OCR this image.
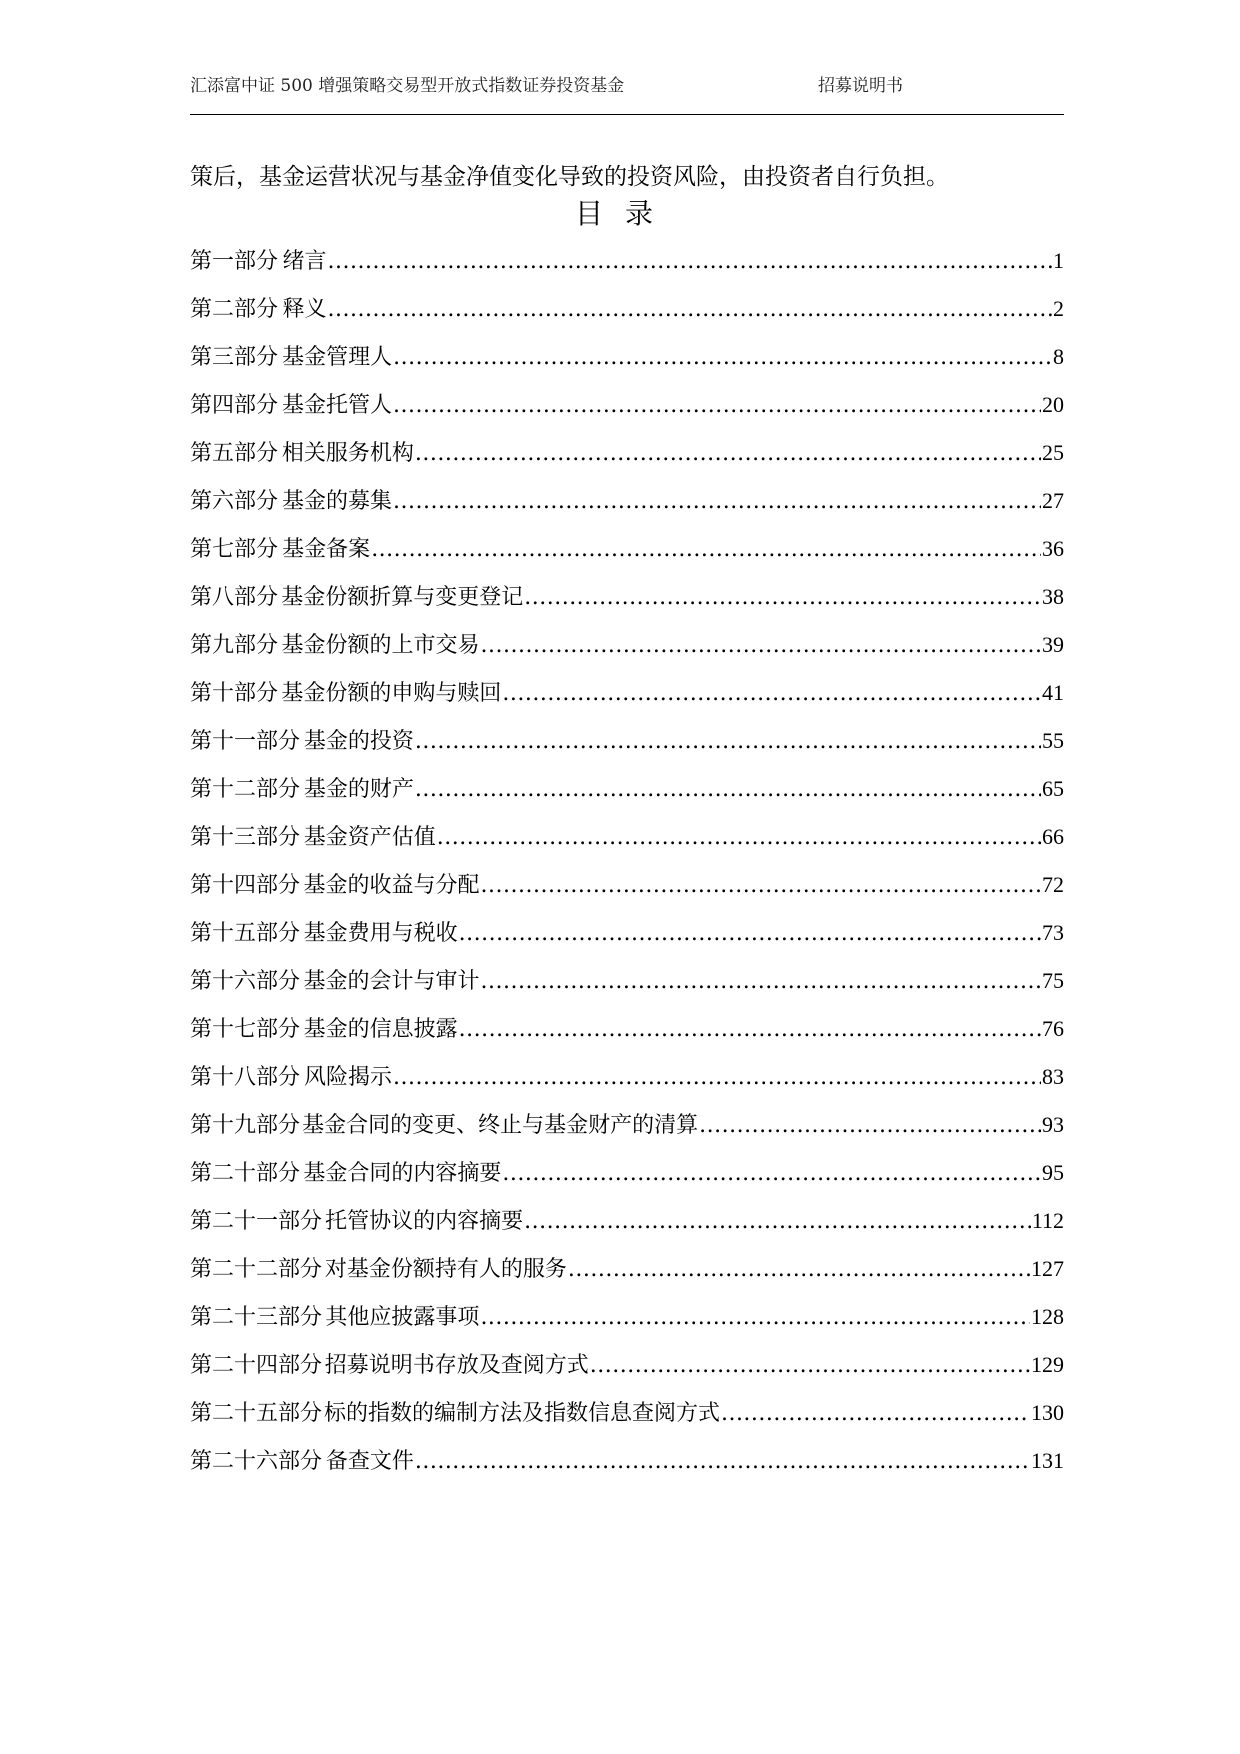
汇添富中证 500 增强策略交易型开放式指数证券投资基金	招募说明书
策后，基金运营状况与基金净值变化导致的投资风险，由投资者自行负担。
目录
第一部分 绪言 .....	1
第二部分 释义 .....	2
第三部分 基金管理人 .....	8
第四部分 基金托管人 .....	20
第五部分 相关服务机构 .....	25
第六部分 基金的募集 .....	27
第七部分 基金备案 .....	36
第八部分 基金份额折算与变更登记 .....	38
第九部分 基金份额的上市交易 .....	39
第十部分 基金份额的申购与赎回 .....	41
第十一部分 基金的投资 .....	55
第十二部分 基金的财产 .....	65
第十三部分 基金资产估值 .....	66
第十四部分 基金的收益与分配 .....	72
第十五部分 基金费用与税收 .....	73
第十六部分 基金的会计与审计 .....	75
第十七部分 基金的信息披露 .....	76
第十八部分 风险揭示 .....	83
第十九部分 基金合同的变更、终止与基金财产的清算 .....	93
第二十部分 基金合同的内容摘要 .....	95
第二十一部分 托管协议的内容摘要 .....	112
第二十二部分 对基金份额持有人的服务 .....	127
第二十三部分 其他应披露事项 .....	128
第二十四部分 招募说明书存放及查阅方式 .....	129
第二十五部分 标的指数的编制方法及指数信息查阅方式 .....	130
第二十六部分 备查文件 .....	131
